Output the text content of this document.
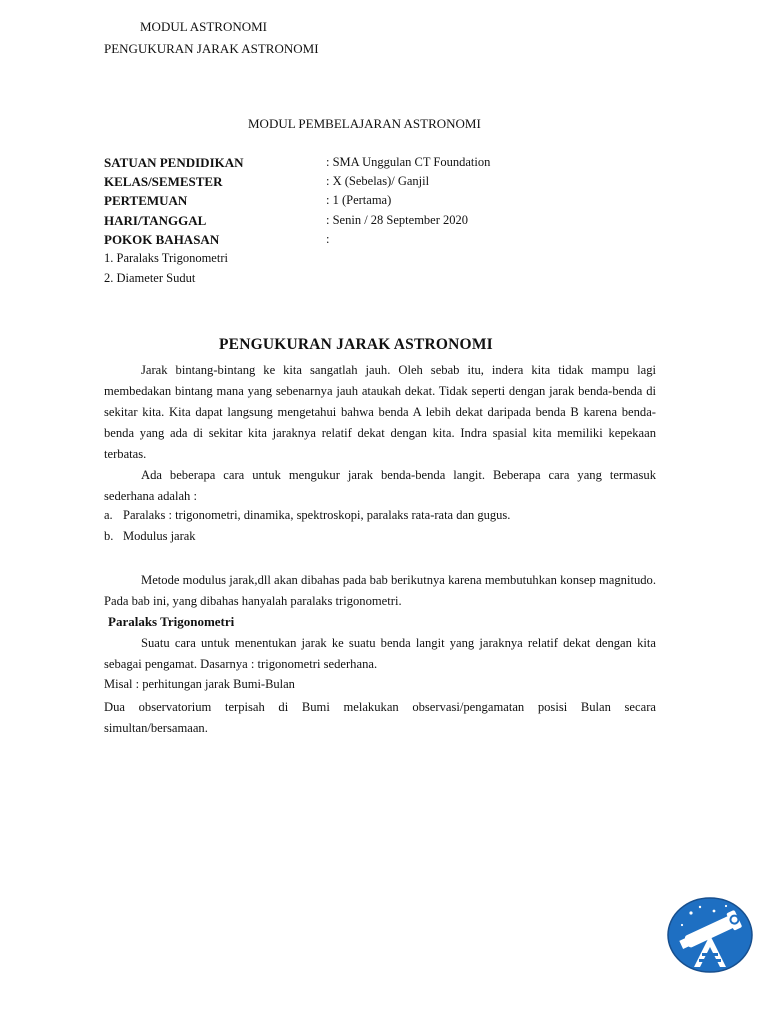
MODUL ASTRONOMI
PENGUKURAN JARAK ASTRONOMI
MODUL PEMBELAJARAN ASTRONOMI
SATUAN PENDIDIKAN	: SMA Unggulan CT Foundation
KELAS/SEMESTER	: X (Sebelas)/ Ganjil
PERTEMUAN	: 1 (Pertama)
HARI/TANGGAL	: Senin / 28 September 2020
POKOK BAHASAN	:
1. Paralaks Trigonometri
2. Diameter Sudut
PENGUKURAN JARAK ASTRONOMI
Jarak bintang-bintang ke kita sangatlah jauh. Oleh sebab itu, indera kita tidak mampu lagi membedakan bintang mana yang sebenarnya jauh ataukah dekat. Tidak seperti dengan jarak benda-benda di sekitar kita. Kita dapat langsung mengetahui bahwa benda A lebih dekat daripada benda B karena benda-benda yang ada di sekitar kita jaraknya relatif dekat dengan kita. Indra spasial kita memiliki kepekaan terbatas.
Ada beberapa cara untuk mengukur jarak benda-benda langit. Beberapa cara yang termasuk sederhana adalah :
a. Paralaks : trigonometri, dinamika, spektroskopi, paralaks rata-rata dan gugus.
b. Modulus jarak
Metode modulus jarak,dll akan dibahas pada bab berikutnya karena membutuhkan konsep magnitudo. Pada bab ini, yang dibahas hanyalah paralaks trigonometri.
Paralaks Trigonometri
Suatu cara untuk menentukan jarak ke suatu benda langit yang jaraknya relatif dekat dengan kita sebagai pengamat. Dasarnya : trigonometri sederhana.
Misal : perhitungan jarak Bumi-Bulan
Dua observatorium terpisah di Bumi melakukan observasi/pengamatan posisi Bulan secara simultan/bersamaan.
